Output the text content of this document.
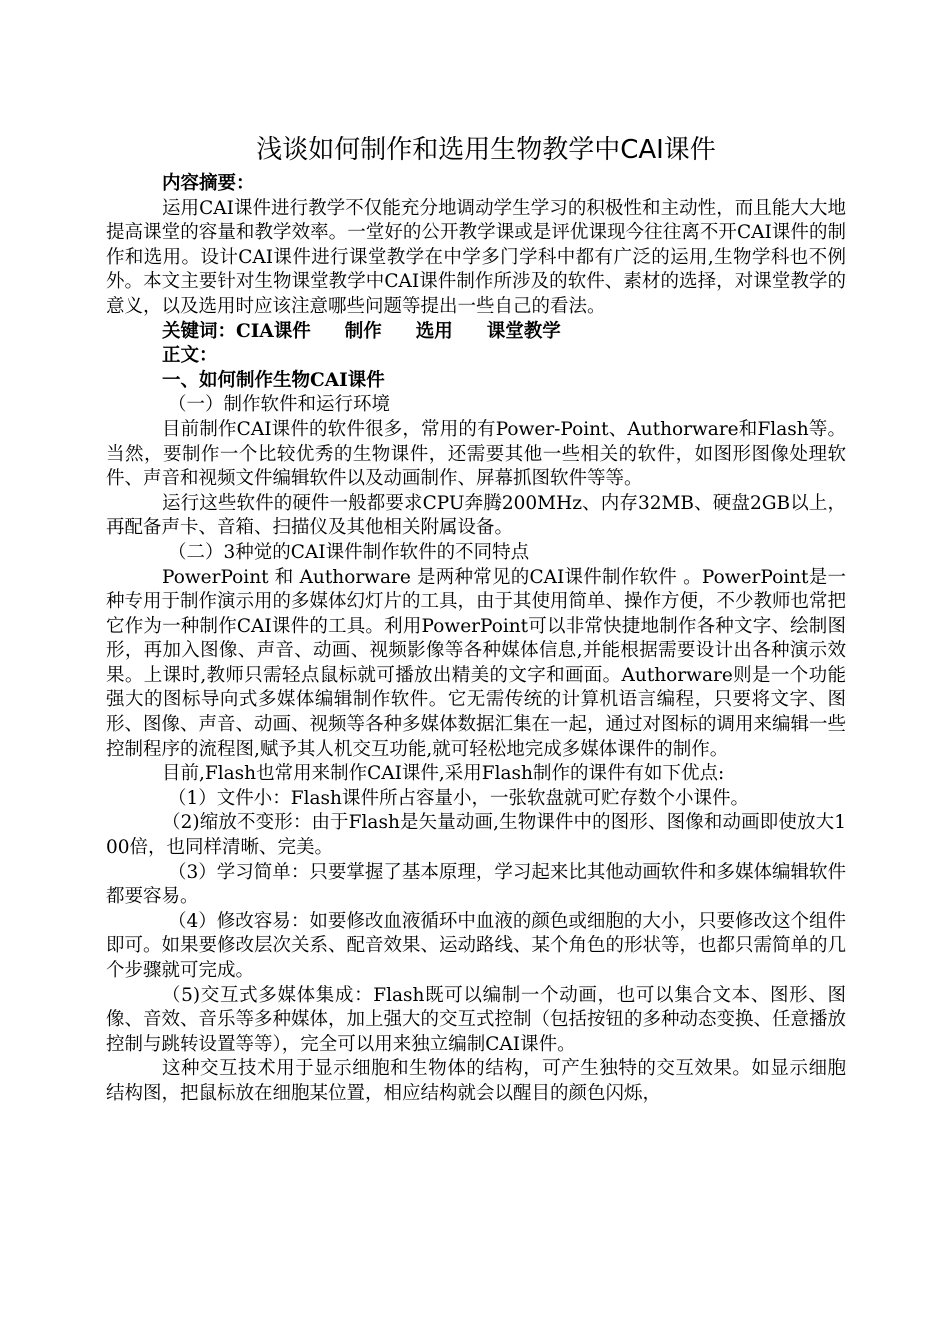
浅谈如何制作和选用生物教学中CAI课件

内容摘要：

运用CAI课件进行教学不仅能充分地调动学生学习的积极性和主动性，而且能大大地提高课堂的容量和教学效率。一堂好的公开教学课或是评优课现今往往离不开CAI课件的制作和选用。设计CAI课件进行课堂教学在中学多门学科中都有广泛的运用,生物学科也不例外。本文主要针对生物课堂教学中CAI课件制作所涉及的软件、素材的选择，对课堂教学的意义，以及选用时应该注意哪些问题等提出一些自己的看法。

关键词：CIA课件 制作 选用 课堂教学

正文：

一、如何制作生物CAI课件

（一）制作软件和运行环境

目前制作CAI课件的软件很多，常用的有Power-Point、Authorware和Flash等。当然，要制作一个比较优秀的生物课件，还需要其他一些相关的软件，如图形图像处理软件、声音和视频文件编辑软件以及动画制作、屏幕抓图软件等等。

运行这些软件的硬件一般都要求CPU奔腾200MHz、内存32MB、硬盘2GB以上，再配备声卡、音箱、扫描仪及其他相关附属设备。

（二）3种觉的CAI课件制作软件的不同特点

PowerPoint 和 Authorware 是两种常见的CAI课件制作软件 。PowerPoint是一种专用于制作演示用的多媒体幻灯片的工具，由于其使用简单、操作方便，不少教师也常把它作为一种制作CAI课件的工具。利用PowerPoint可以非常快捷地制作各种文字、绘制图形，再加入图像、声音、动画、视频影像等各种媒体信息,并能根据需要设计出各种演示效果。上课时,教师只需轻点鼠标就可播放出精美的文字和画面。Authorware则是一个功能强大的图标导向式多媒体编辑制作软件。它无需传统的计算机语言编程，只要将文字、图形、图像、声音、动画、视频等各种多媒体数据汇集在一起，通过对图标的调用来编辑一些控制程序的流程图,赋予其人机交互功能,就可轻松地完成多媒体课件的制作。

目前,Flash也常用来制作CAI课件,采用Flash制作的课件有如下优点:

（1）文件小：Flash课件所占容量小，一张软盘就可贮存数个小课件。

（2)缩放不变形：由于Flash是矢量动画,生物课件中的图形、图像和动画即使放大100倍，也同样清晰、完美。

（3）学习简单：只要掌握了基本原理，学习起来比其他动画软件和多媒体编辑软件都要容易。

（4）修改容易：如要修改血液循环中血液的颜色或细胞的大小，只要修改这个组件即可。如果要修改层次关系、配音效果、运动路线、某个角色的形状等，也都只需简单的几个步骤就可完成。

（5)交互式多媒体集成：Flash既可以编制一个动画，也可以集合文本、图形、图像、音效、音乐等多种媒体，加上强大的交互式控制（包括按钮的多种动态变换、任意播放控制与跳转设置等等），完全可以用来独立编制CAI课件。

这种交互技术用于显示细胞和生物体的结构，可产生独特的交互效果。如显示细胞结构图，把鼠标放在细胞某位置，相应结构就会以醒目的颜色闪烁，
